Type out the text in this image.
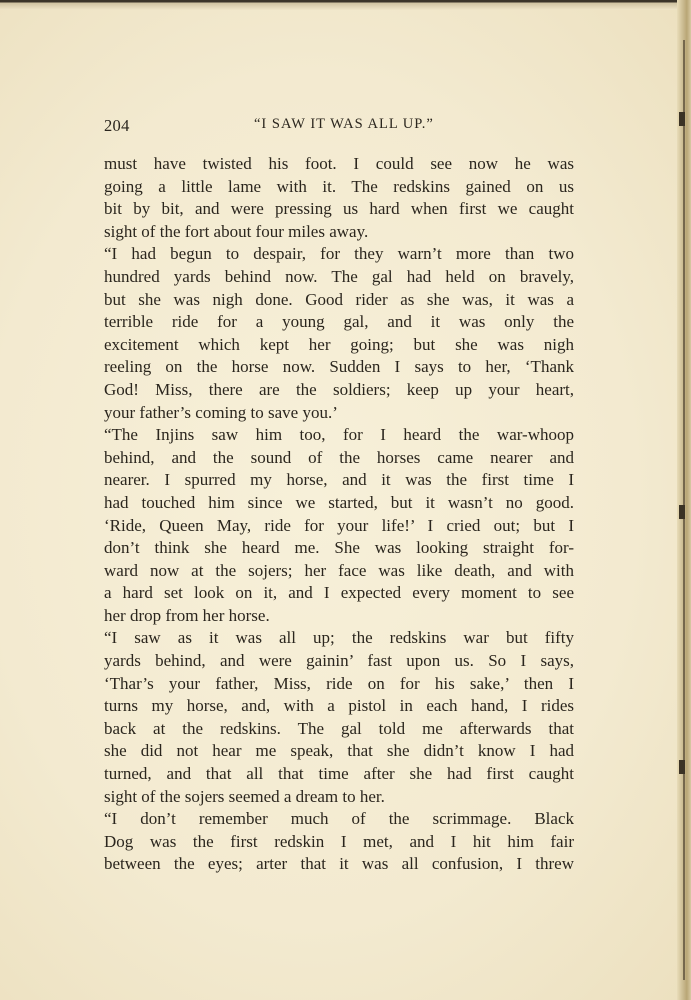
204	“I SAW IT WAS ALL UP.”
must have twisted his foot. I could see now he was
going a little lame with it. The redskins gained on us
bit by bit, and were pressing us hard when first we caught
sight of the fort about four miles away.
“I had begun to despair, for they warn’t more than two
hundred yards behind now. The gal had held on bravely,
but she was nigh done. Good rider as she was, it was a
terrible ride for a young gal, and it was only the
excitement which kept her going; but she was nigh
reeling on the horse now. Sudden I says to her, ‘Thank
God! Miss, there are the soldiers; keep up your heart,
your father’s coming to save you.’
“The Injins saw him too, for I heard the war-whoop
behind, and the sound of the horses came nearer and
nearer. I spurred my horse, and it was the first time I
had touched him since we started, but it wasn’t no good.
‘Ride, Queen May, ride for your life!’ I cried out; but I
don’t think she heard me. She was looking straight for-
ward now at the sojers; her face was like death, and with
a hard set look on it, and I expected every moment to see
her drop from her horse.
“I saw as it was all up; the redskins war but fifty
yards behind, and were gainin’ fast upon us. So I says,
‘Thar’s your father, Miss, ride on for his sake,’ then I
turns my horse, and, with a pistol in each hand, I rides
back at the redskins. The gal told me afterwards that
she did not hear me speak, that she didn’t know I had
turned, and that all that time after she had first caught
sight of the sojers seemed a dream to her.
“I don’t remember much of the scrimmage. Black
Dog was the first redskin I met, and I hit him fair
between the eyes; arter that it was all confusion, I threw
